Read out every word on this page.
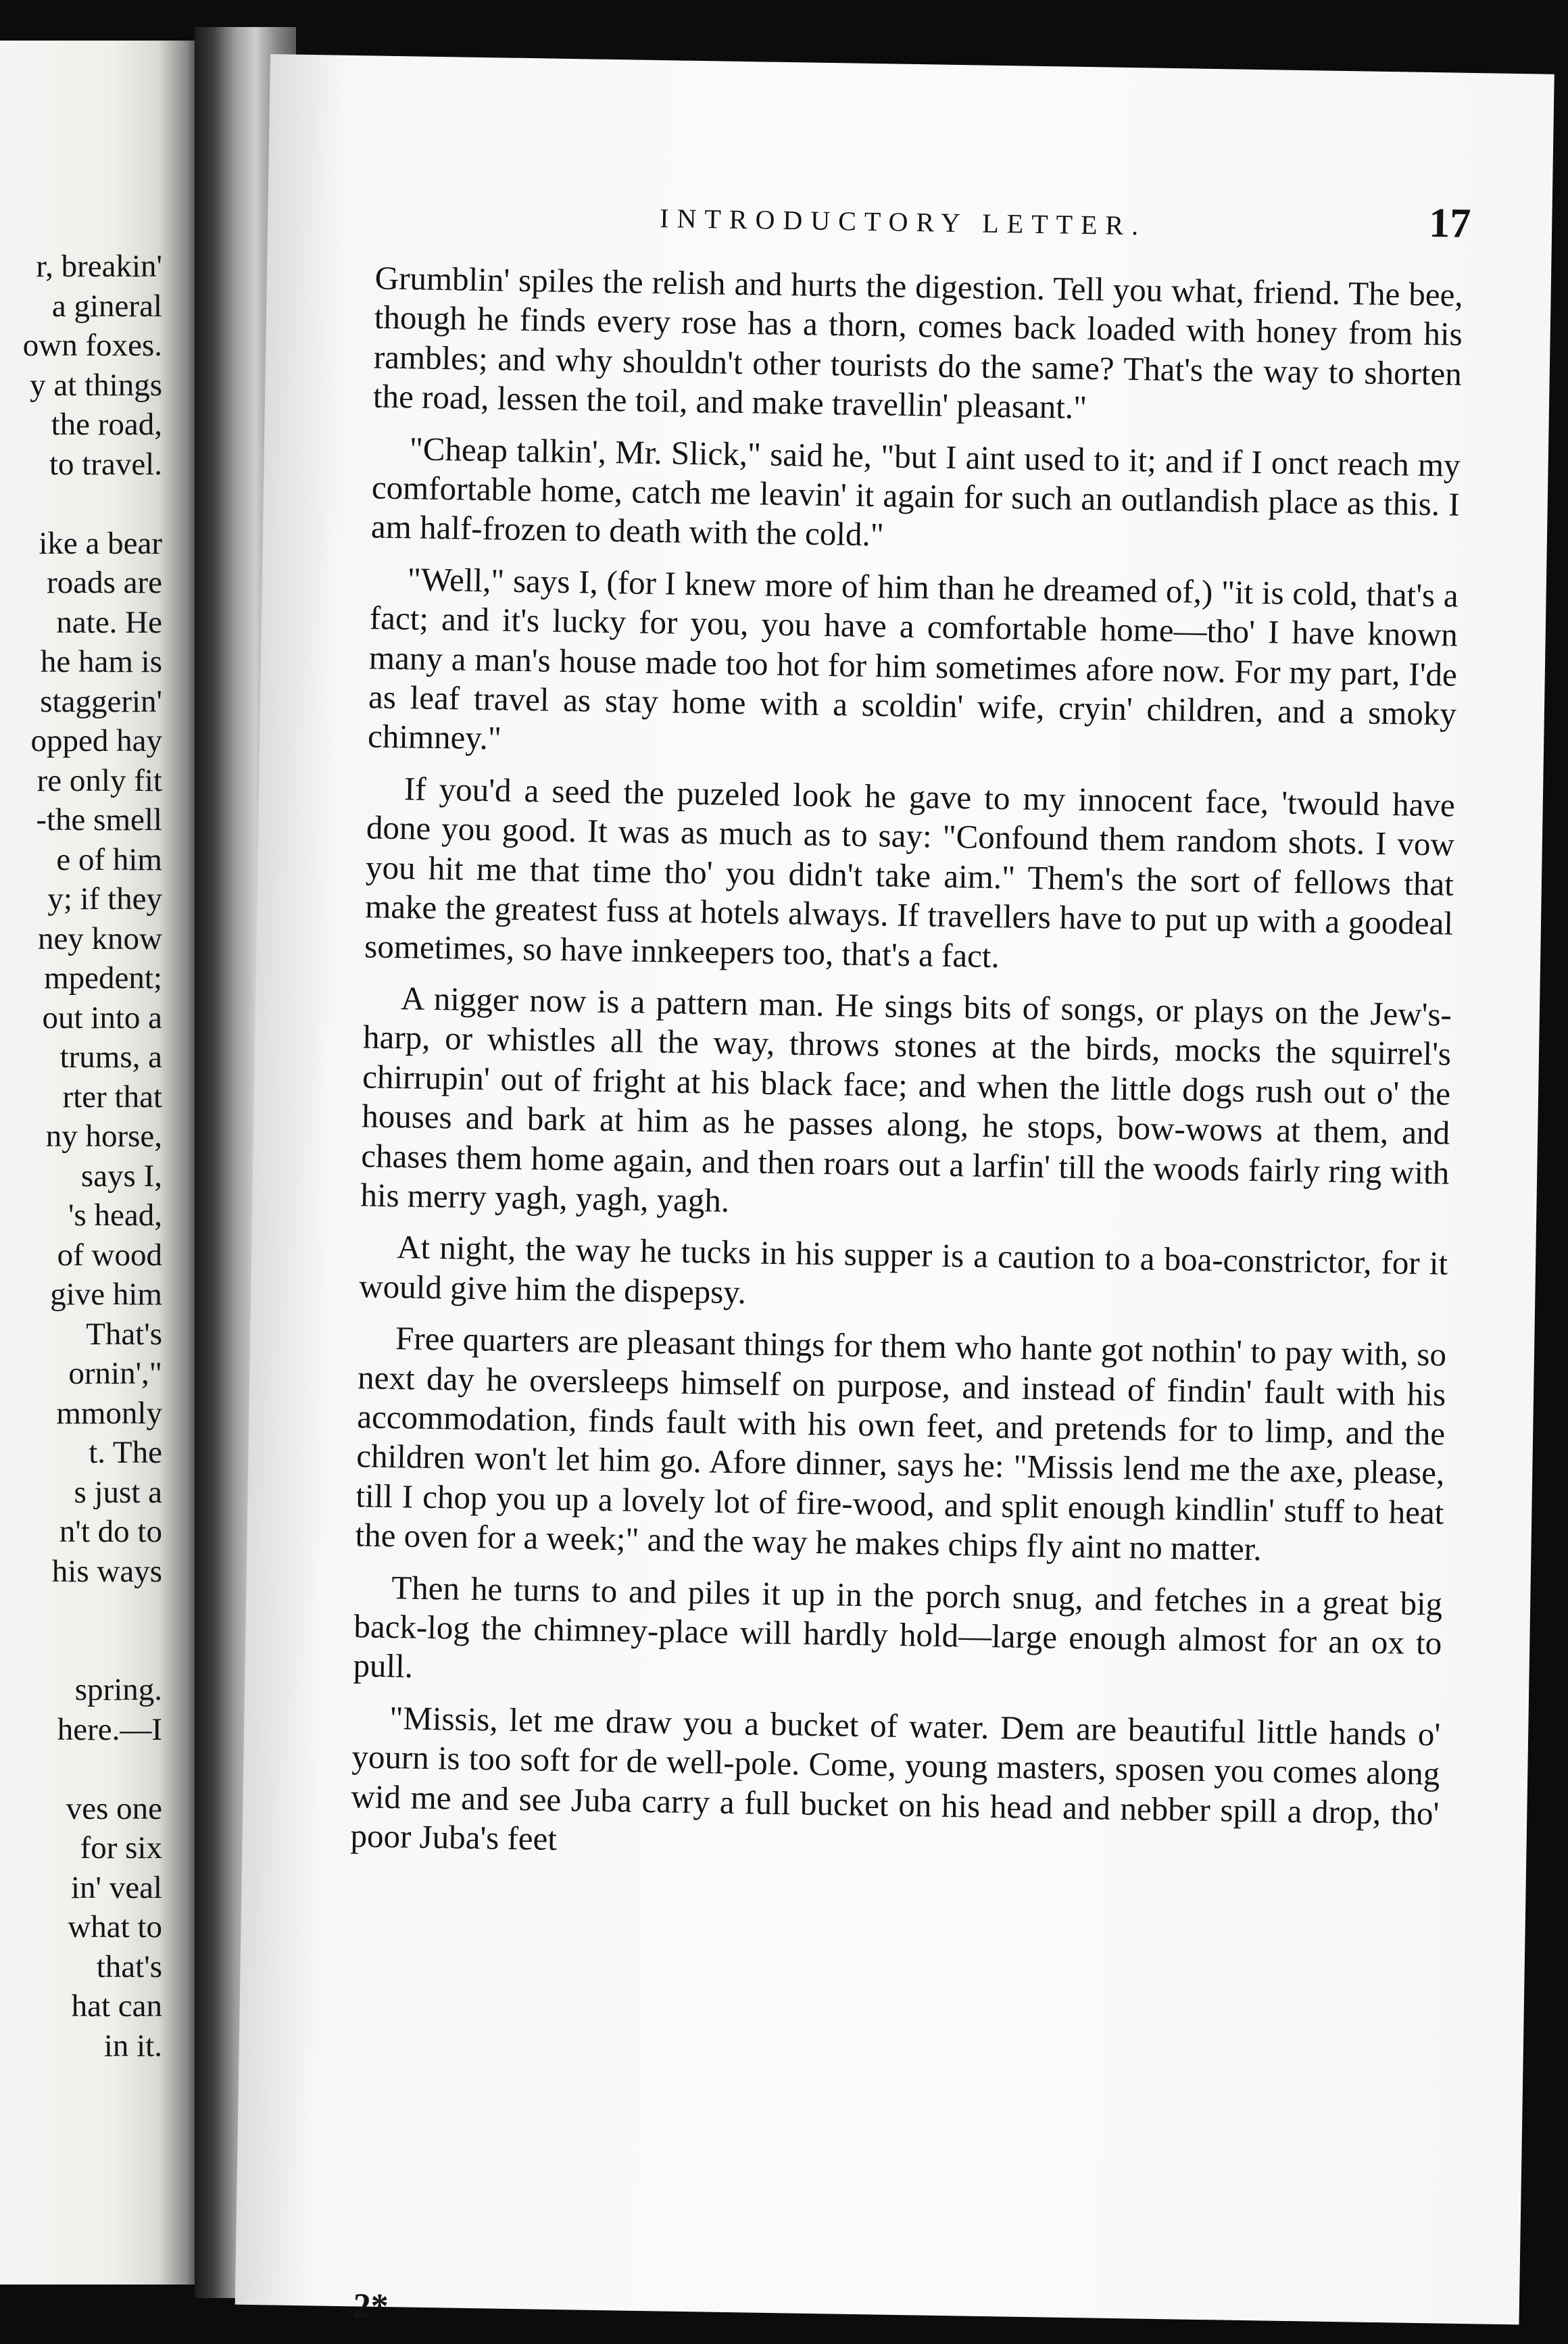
r, breakin'
a gineral
own foxes.
y at things
the road,
to travel.
ike a bear
roads are
nate. He
he ham is
staggerin'
opped hay
re only fit
-the smell
e of him
y; if they
ney know
mpedent;
out into a
trums, a
rter that
ny horse,
says I,
's head,
of wood
give him
That's
ornin',"
mmonly
t. The
s just a
n't do to
his ways
spring.
here.—I
ves one
for six
in' veal
what to
that's
hat can
in it.
INTRODUCTORY LETTER.	17

Grumblin' spiles the relish and hurts the digestion. Tell you what, friend. The bee, though he finds every rose has a thorn, comes back loaded with honey from his rambles; and why shouldn't other tourists do the same? That's the way to shorten the road, lessen the toil, and make travellin' pleasant."

"Cheap talkin', Mr. Slick," said he, "but I aint used to it; and if I onct reach my comfortable home, catch me leavin' it again for such an outlandish place as this. I am half-frozen to death with the cold."

"Well," says I, (for I knew more of him than he dreamed of,) "it is cold, that's a fact; and it's lucky for you, you have a comfortable home—tho' I have known many a man's house made too hot for him sometimes afore now. For my part, I'de as leaf travel as stay home with a scoldin' wife, cryin' children, and a smoky chimney."

If you'd a seed the puzeled look he gave to my innocent face, 'twould have done you good. It was as much as to say: "Confound them random shots. I vow you hit me that time tho' you didn't take aim." Them's the sort of fellows that make the greatest fuss at hotels always. If travellers have to put up with a goodeal sometimes, so have innkeepers too, that's a fact.

A nigger now is a pattern man. He sings bits of songs, or plays on the Jew's-harp, or whistles all the way, throws stones at the birds, mocks the squirrel's chirrupin' out of fright at his black face; and when the little dogs rush out o' the houses and bark at him as he passes along, he stops, bow-wows at them, and chases them home again, and then roars out a larfin' till the woods fairly ring with his merry yagh, yagh, yagh.

At night, the way he tucks in his supper is a caution to a boa-constrictor, for it would give him the dispepsy.

Free quarters are pleasant things for them who hante got nothin' to pay with, so next day he oversleeps himself on purpose, and instead of findin' fault with his accommodation, finds fault with his own feet, and pretends for to limp, and the children won't let him go. Afore dinner, says he: "Missis lend me the axe, please, till I chop you up a lovely lot of fire-wood, and split enough kindlin' stuff to heat the oven for a week;" and the way he makes chips fly aint no matter.

Then he turns to and piles it up in the porch snug, and fetches in a great big back-log the chimney-place will hardly hold—large enough almost for an ox to pull.

"Missis, let me draw you a bucket of water. Dem are beautiful little hands o' yourn is too soft for de well-pole. Come, young masters, sposen you comes along wid me and see Juba carry a full bucket on his head and nebber spill a drop, tho' poor Juba's feet

2*
